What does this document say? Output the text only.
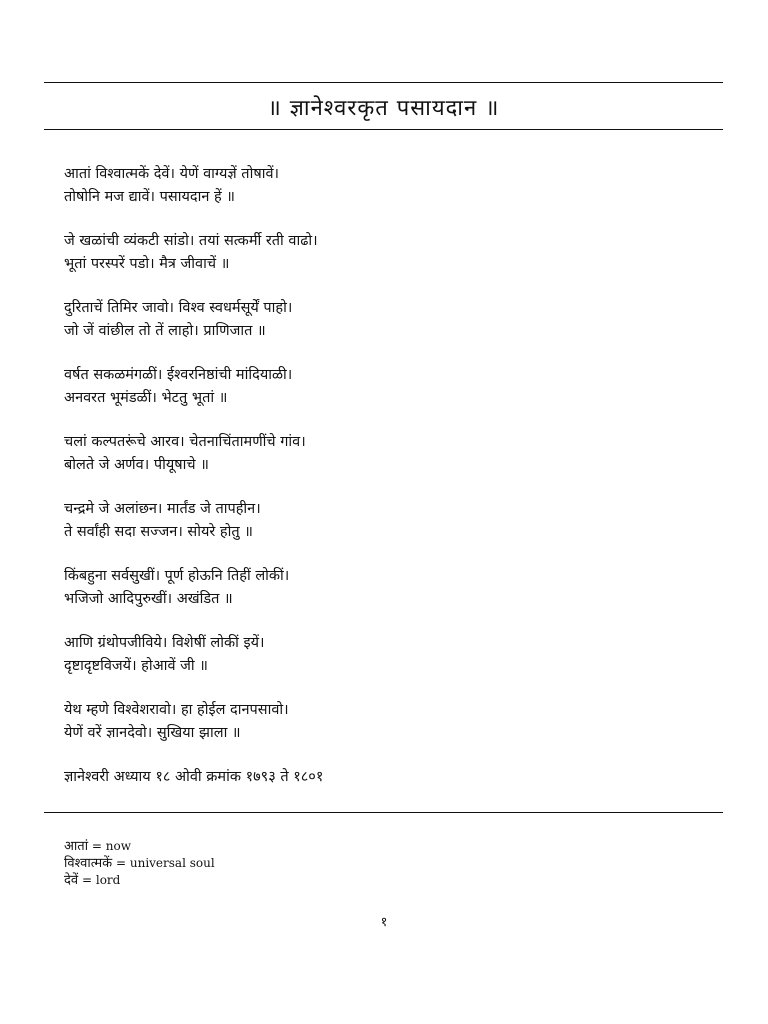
॥ ज्ञानेश्वरकृत पसायदान ॥
आतां विश्वात्मकें देवें। येणें वाग्यज्ञें तोषावें।
तोषोनि मज द्यावें। पसायदान हें ॥
जे खळांची व्यंकटी सांडो। तयां सत्कर्मी रती वाढो।
भूतां परस्परें पडो। मैत्र जीवाचें ॥
दुरिताचें तिमिर जावो। विश्व स्वधर्मसूर्यें पाहो।
जो जें वांछील तो तें लाहो। प्राणिजात ॥
वर्षत सकळमंगळीं। ईश्वरनिष्ठांची मांदियाळी।
अनवरत भूमंडळीं। भेटतु भूतां ॥
चलां कल्पतरूंचे आरव। चेतनाचिंतामणींचे गांव।
बोलते जे अर्णव। पीयूषाचे ॥
चन्द्रमे जे अलांछन। मार्तंड जे तापहीन।
ते सर्वांही सदा सज्जन। सोयरे होतु ॥
किंबहुना सर्वसुखीं। पूर्ण होऊनि तिहीं लोकीं।
भजिजो आदिपुरुखीं। अखंडित ॥
आणि ग्रंथोपजीविये। विशेषीं लोकीं इयें।
दृष्टादृष्टविजयें। होआवें जी ॥
येथ म्हणे विश्वेशरावो। हा होईल दानपसावो।
येणें वरें ज्ञानदेवो। सुखिया झाला ॥
ज्ञानेश्वरी अध्याय १८ ओवी क्रमांक १७९३ ते १८०१
आतां = now
विश्वात्मकें = universal soul
देवें = lord
१
